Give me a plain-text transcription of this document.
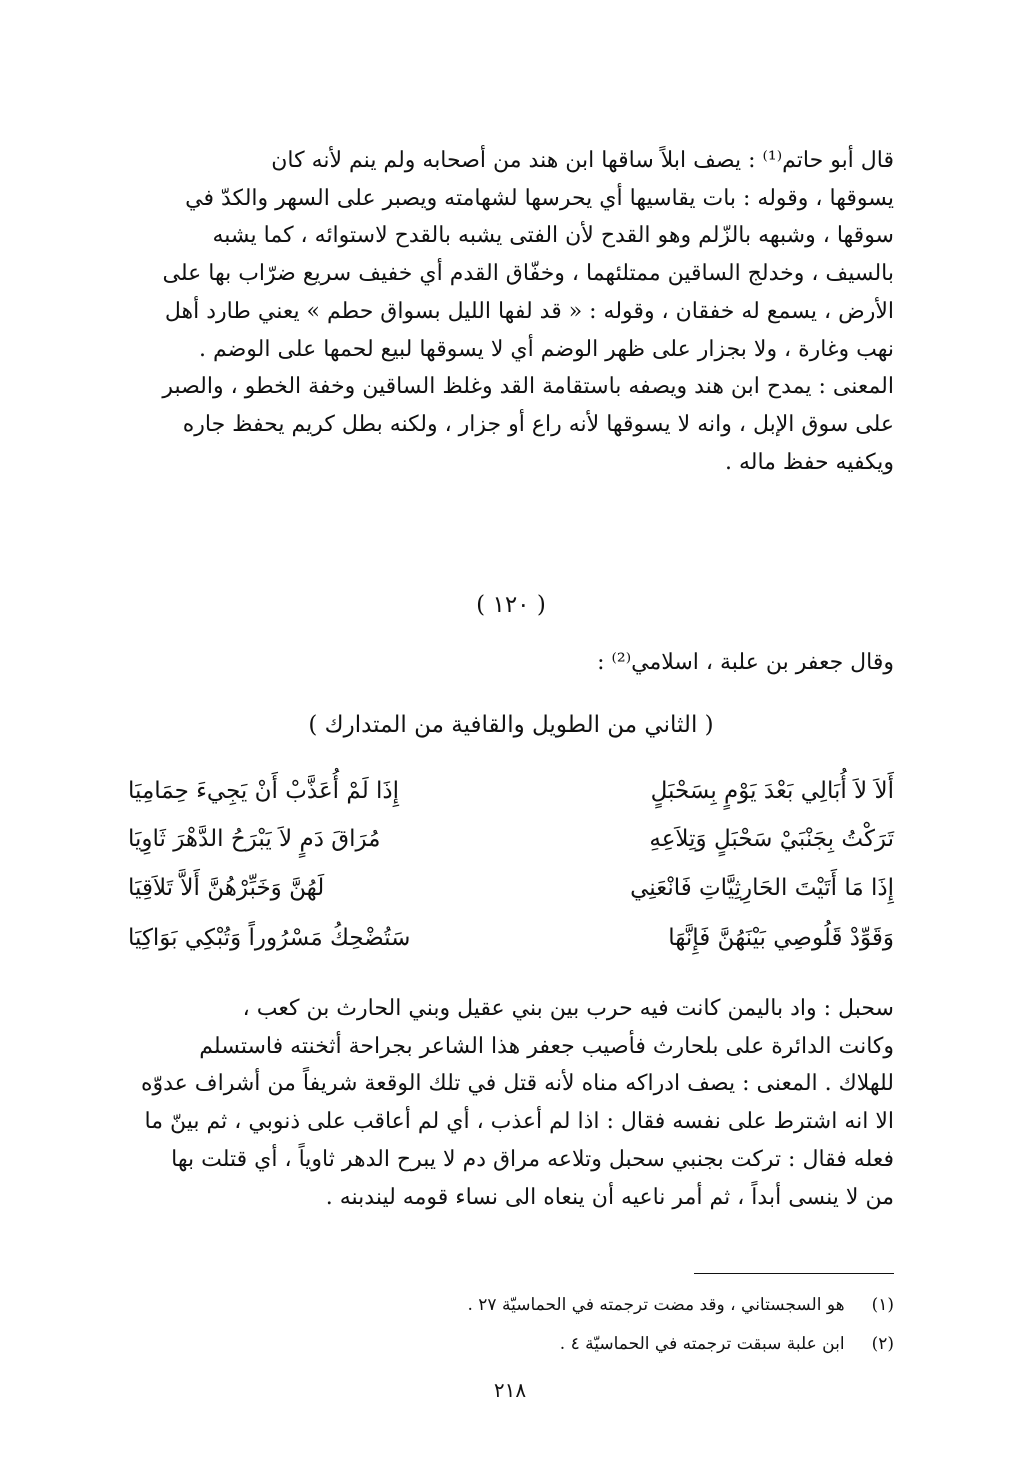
قال أبو حاتم⁽¹⁾ : يصف ابلاً ساقها ابن هند من أصحابه ولم ينم لأنه كان

يسوقها ، وقوله : بات يقاسيها أي يحرسها لشهامته ويصبر على السهر والكدّ في

سوقها ، وشبهه بالزّلم وهو القدح لأن الفتى يشبه بالقدح لاستوائه ، كما يشبه

بالسيف ، وخدلج الساقين ممتلئهما ، وخفّاق القدم أي خفيف سريع ضرّاب بها على

الأرض ، يسمع له خفقان ، وقوله : « قد لفها الليل بسواق حطم » يعني طارد أهل

نهب وغارة ، ولا بجزار على ظهر الوضم أي لا يسوقها لبيع لحمها على الوضم .

المعنى : يمدح ابن هند ويصفه باستقامة القد وغلظ الساقين وخفة الخطو ، والصبر

على سوق الإبل ، وانه لا يسوقها لأنه راع أو جزار ، ولكنه بطل كريم يحفظ جاره

ويكفيه حفظ ماله .

( ١٢٠ )
وقال جعفر بن علبة ، اسلامي⁽²⁾ :
( الثاني من الطويل والقافية من المتدارك )
أَلاَ لاَ أُبَالِي بَعْدَ يَوْمٍ بِسَحْبَلٍ
إِذَا لَمْ أُعَذَّبْ أَنْ يَجِيءَ حِمَامِيَا
تَرَكْتُ بِجَنْبَيْ سَحْبَلٍ وَتِلاَعِهِ
مُرَاقَ دَمٍ لاَ يَبْرَحُ الدَّهْرَ ثَاوِيَا
إِذَا مَا أَتَيْتَ الحَارِثِيَّاتِ فَانْعَنِي
لَهُنَّ وَخَبِّرْهُنَّ أَلاَّ تَلاَقِيَا
وَقَوِّدْ قَلُوصِي بَيْنَهُنَّ فَإِنَّهَا
سَتُضْحِكُ مَسْرُوراً وَتُبْكِي بَوَاكِيَا

سحبل : واد باليمن كانت فيه حرب بين بني عقيل وبني الحارث بن كعب ،

وكانت الدائرة على بلحارث فأصيب جعفر هذا الشاعر بجراحة أثخنته فاستسلم

للهلاك . المعنى : يصف ادراكه مناه لأنه قتل في تلك الوقعة شريفاً من أشراف عدوّه

الا انه اشترط على نفسه فقال : اذا لم أعذب ، أي لم أعاقب على ذنوبي ، ثم بينّ ما

فعله فقال : تركت بجنبي سحبل وتلاعه مراق دم لا يبرح الدهر ثاوياً ، أي قتلت بها

من لا ينسى أبداً ، ثم أمر ناعيه أن ينعاه الى نساء قومه ليندبنه .

(١) هو السجستاني ، وقد مضت ترجمته في الحماسيّة ٢٧ .
(٢) ابن علبة سبقت ترجمته في الحماسيّة ٤ .
٢١٨
